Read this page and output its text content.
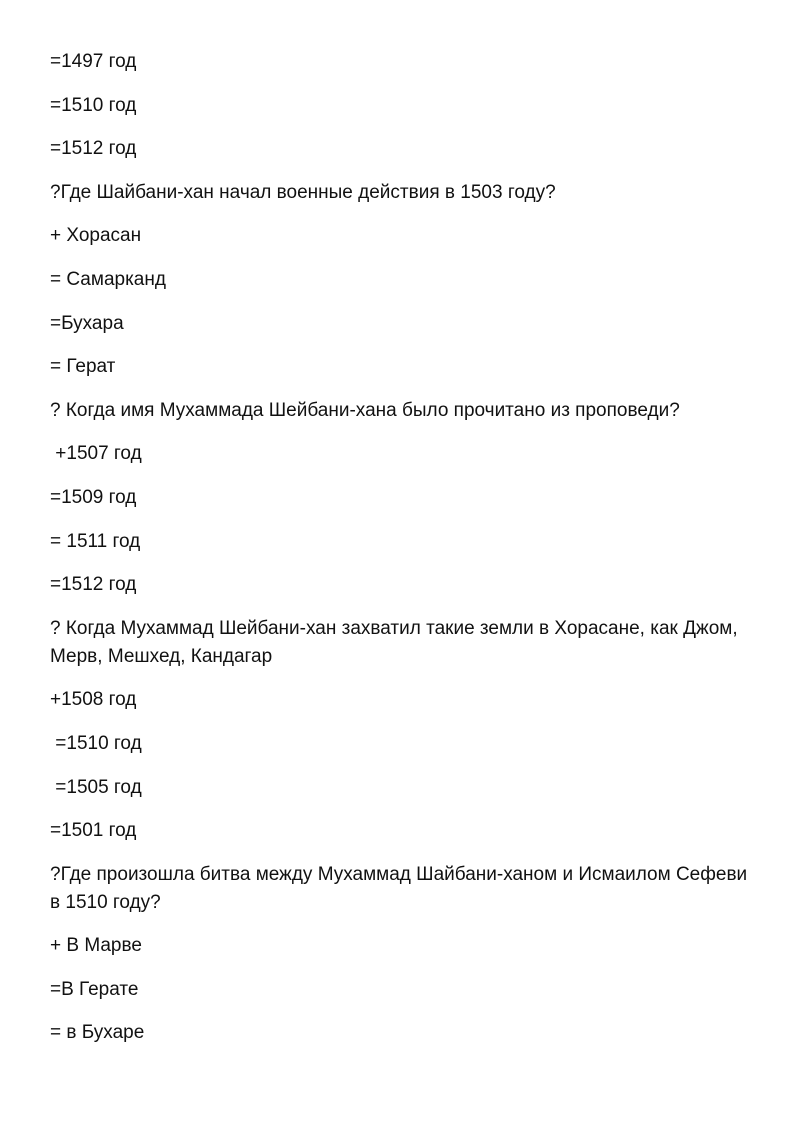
=1497 год
=1510 год
=1512 год
?Где Шайбани-хан начал военные действия в 1503 году?
+ Хорасан
= Самарканд
=Бухара
= Герат
? Когда имя Мухаммада Шейбани-хана было прочитано из проповеди?
+1507 год
=1509 год
= 1511 год
=1512 год
? Когда Мухаммад Шейбани-хан захватил такие земли в Хорасане, как Джом, Мерв, Мешхед, Кандагар
+1508 год
=1510 год
=1505 год
=1501 год
?Где произошла битва между Мухаммад Шайбани-ханом и Исмаилом Сефеви в 1510 году?
+ В Марве
=В Герате
= в Бухаре
